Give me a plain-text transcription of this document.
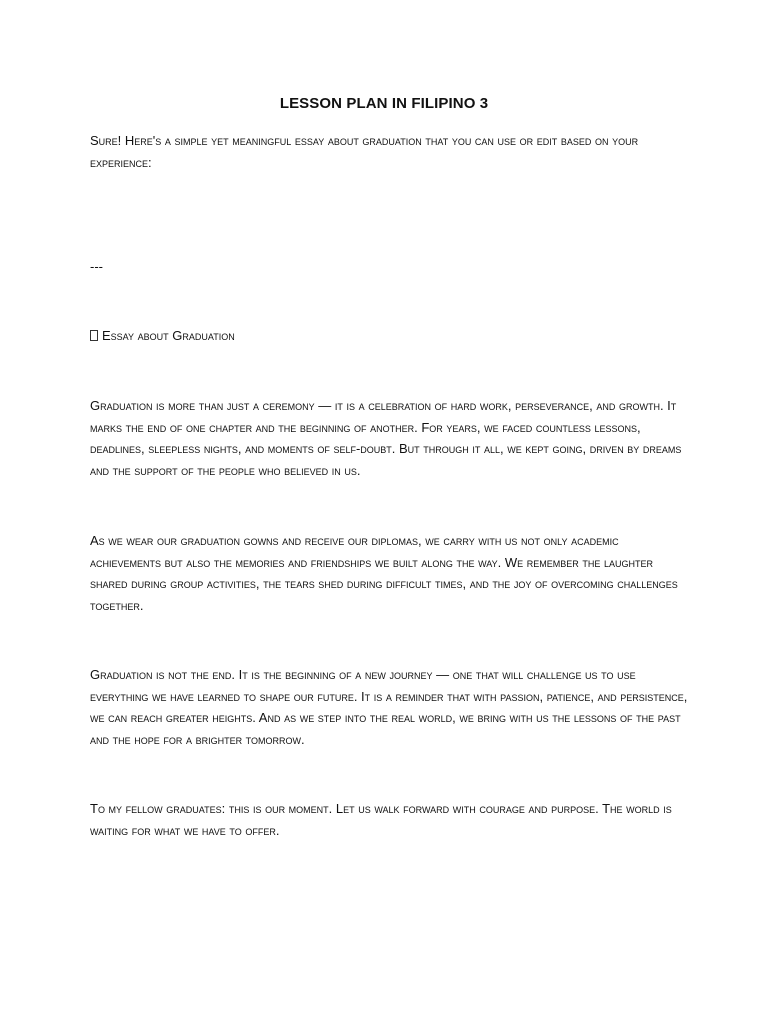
LESSON PLAN IN FILIPINO 3
Sure! Here's a simple yet meaningful essay about graduation that you can use or edit based on your experience:
---
Essay about Graduation
Graduation is more than just a ceremony — it is a celebration of hard work, perseverance, and growth. It marks the end of one chapter and the beginning of another. For years, we faced countless lessons, deadlines, sleepless nights, and moments of self-doubt. But through it all, we kept going, driven by dreams and the support of the people who believed in us.
As we wear our graduation gowns and receive our diplomas, we carry with us not only academic achievements but also the memories and friendships we built along the way. We remember the laughter shared during group activities, the tears shed during difficult times, and the joy of overcoming challenges together.
Graduation is not the end. It is the beginning of a new journey — one that will challenge us to use everything we have learned to shape our future. It is a reminder that with passion, patience, and persistence, we can reach greater heights. And as we step into the real world, we bring with us the lessons of the past and the hope for a brighter tomorrow.
To my fellow graduates: this is our moment. Let us walk forward with courage and purpose. The world is waiting for what we have to offer.
